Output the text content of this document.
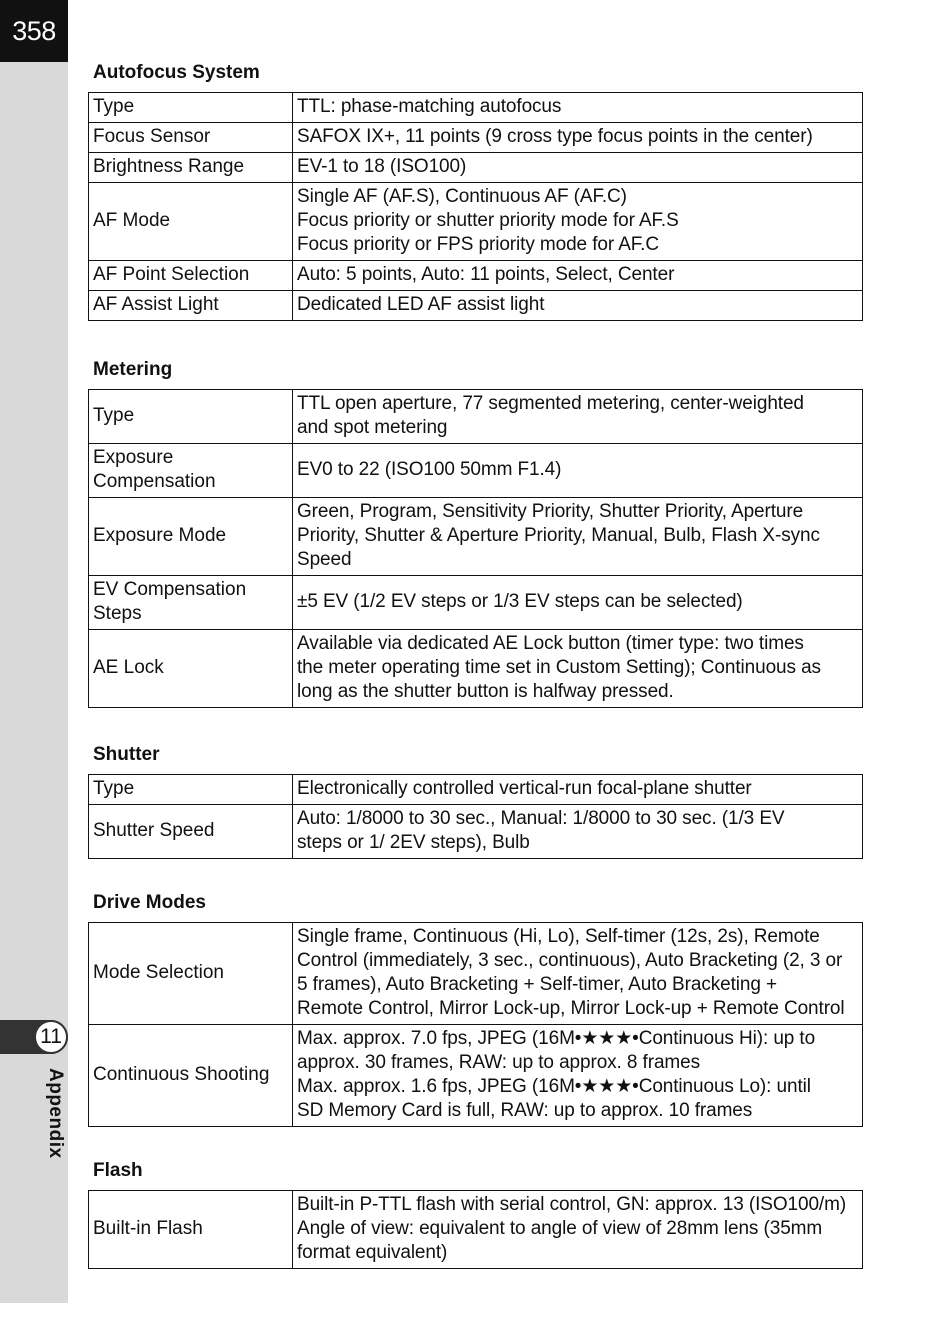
358
11
Appendix
Autofocus System
Type	TTL: phase-matching autofocus
Focus Sensor	SAFOX IX+, 11 points (9 cross type focus points in the center)
Brightness Range	EV-1 to 18 (ISO100)
AF Mode	Single AF (AF.S), Continuous AF (AF.C)
Focus priority or shutter priority mode for AF.S
Focus priority or FPS priority mode for AF.C
AF Point Selection	Auto: 5 points, Auto: 11 points, Select, Center
AF Assist Light	Dedicated LED AF assist light
Metering
Type	TTL open aperture, 77 segmented metering, center-weighted
and spot metering
Exposure
Compensation	EV0 to 22 (ISO100 50mm F1.4)
Exposure Mode	Green, Program, Sensitivity Priority, Shutter Priority, Aperture
Priority, Shutter & Aperture Priority, Manual, Bulb, Flash X-sync
Speed
EV Compensation
Steps	±5 EV (1/2 EV steps or 1/3 EV steps can be selected)
AE Lock	Available via dedicated AE Lock button (timer type: two times
the meter operating time set in Custom Setting); Continuous as
long as the shutter button is halfway pressed.
Shutter
Type	Electronically controlled vertical-run focal-plane shutter
Shutter Speed	Auto: 1/8000 to 30 sec., Manual: 1/8000 to 30 sec. (1/3 EV
steps or 1/ 2EV steps), Bulb
Drive Modes
Mode Selection	Single frame, Continuous (Hi, Lo), Self-timer (12s, 2s), Remote
Control (immediately, 3 sec., continuous), Auto Bracketing (2, 3 or
5 frames), Auto Bracketing + Self-timer, Auto Bracketing +
Remote Control, Mirror Lock-up, Mirror Lock-up + Remote Control
Continuous Shooting	Max. approx. 7.0 fps, JPEG (16M•★★★•Continuous Hi): up to
approx. 30 frames, RAW: up to approx. 8 frames
Max. approx. 1.6 fps, JPEG (16M•★★★•Continuous Lo): until
SD Memory Card is full, RAW: up to approx. 10 frames
Flash
Built-in Flash	Built-in P-TTL flash with serial control, GN: approx. 13 (ISO100/m)
Angle of view: equivalent to angle of view of 28mm lens (35mm
format equivalent)
